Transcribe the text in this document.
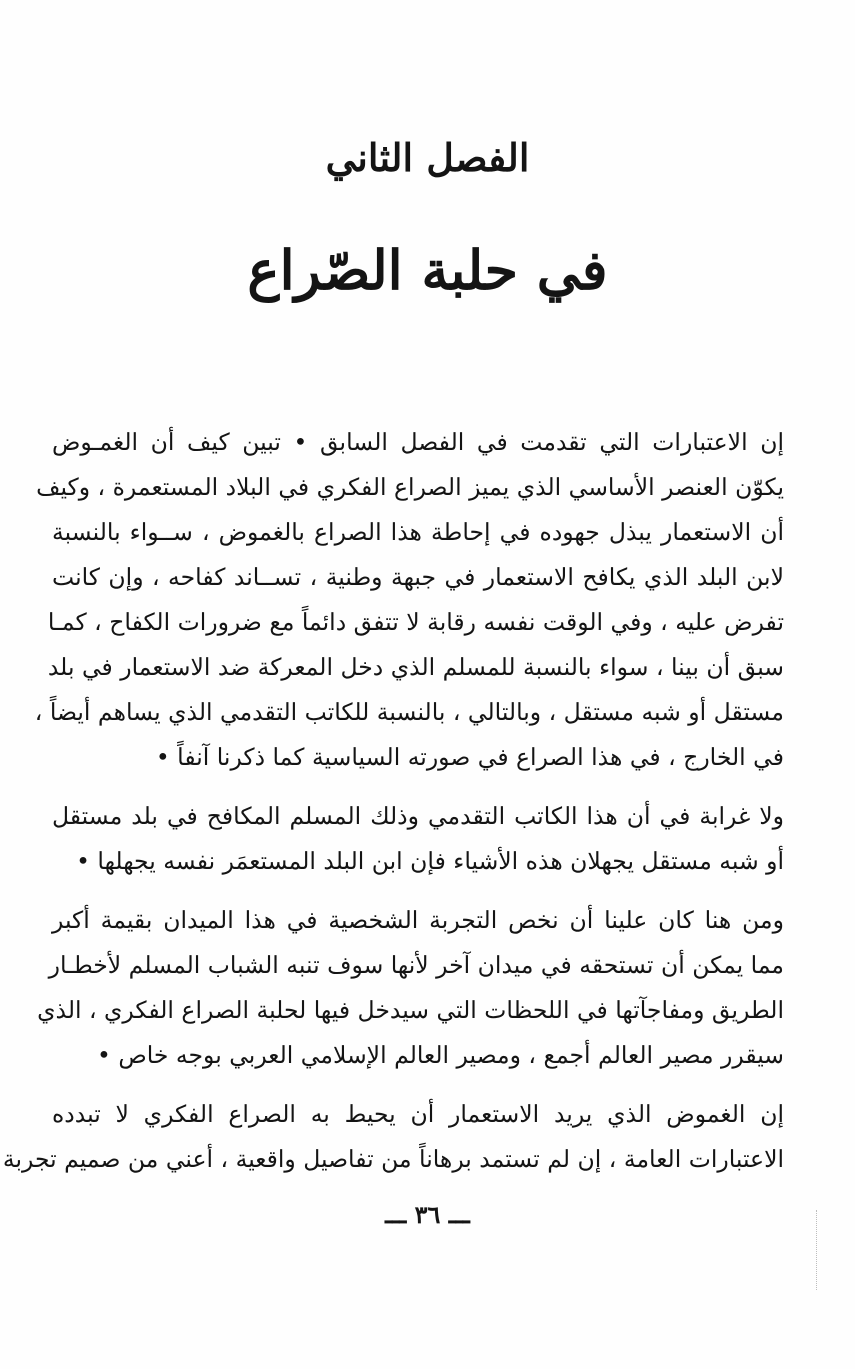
الفصل الثاني
في حلبة الصّراع
إن الاعتبارات التي تقدمت في الفصل السابق • تبين كيف أن الغمـوض
يكوّن العنصر الأساسي الذي يميز الصراع الفكري في البلاد المستعمرة ، وكيف
أن الاستعمار يبذل جهوده في إحاطة هذا الصراع بالغموض ، ســواء بالنسبة
لابن البلد الذي يكافح الاستعمار في جبهة وطنية ، تســاند كفاحه ، وإن كانت
تفرض عليه ، وفي الوقت نفسه رقابة لا تتفق دائماً مع ضرورات الكفاح ، كمـا
سبق أن بينا ، سواء بالنسبة للمسلم الذي دخل المعركة ضد الاستعمار في بلد
مستقل أو شبه مستقل ، وبالتالي ، بالنسبة للكاتب التقدمي الذي يساهم أيضاً ،
في الخارج ، في هذا الصراع في صورته السياسية كما ذكرنا آنفاً •
ولا غرابة في أن هذا الكاتب التقدمي وذلك المسلم المكافح في بلد مستقل
أو شبه مستقل يجهلان هذه الأشياء فإن ابن البلد المستعمَر نفسه يجهلها •
ومن هنا كان علينا أن نخص التجربة الشخصية في هذا الميدان بقيمة أكبر
مما يمكن أن تستحقه في ميدان آخر لأنها سوف تنبه الشباب المسلم لأخطـار
الطريق ومفاجآتها في اللحظات التي سيدخل فيها لحلبة الصراع الفكري ، الذي
سيقرر مصير العالم أجمع ، ومصير العالم الإسلامي العربي بوجه خاص •
إن الغموض الذي يريد الاستعمار أن يحيط به الصراع الفكري لا تبدده
الاعتبارات العامة ، إن لم تستمد برهاناً من تفاصيل واقعية ، أعني من صميم تجربة
ـــ ٣٦ ـــ
